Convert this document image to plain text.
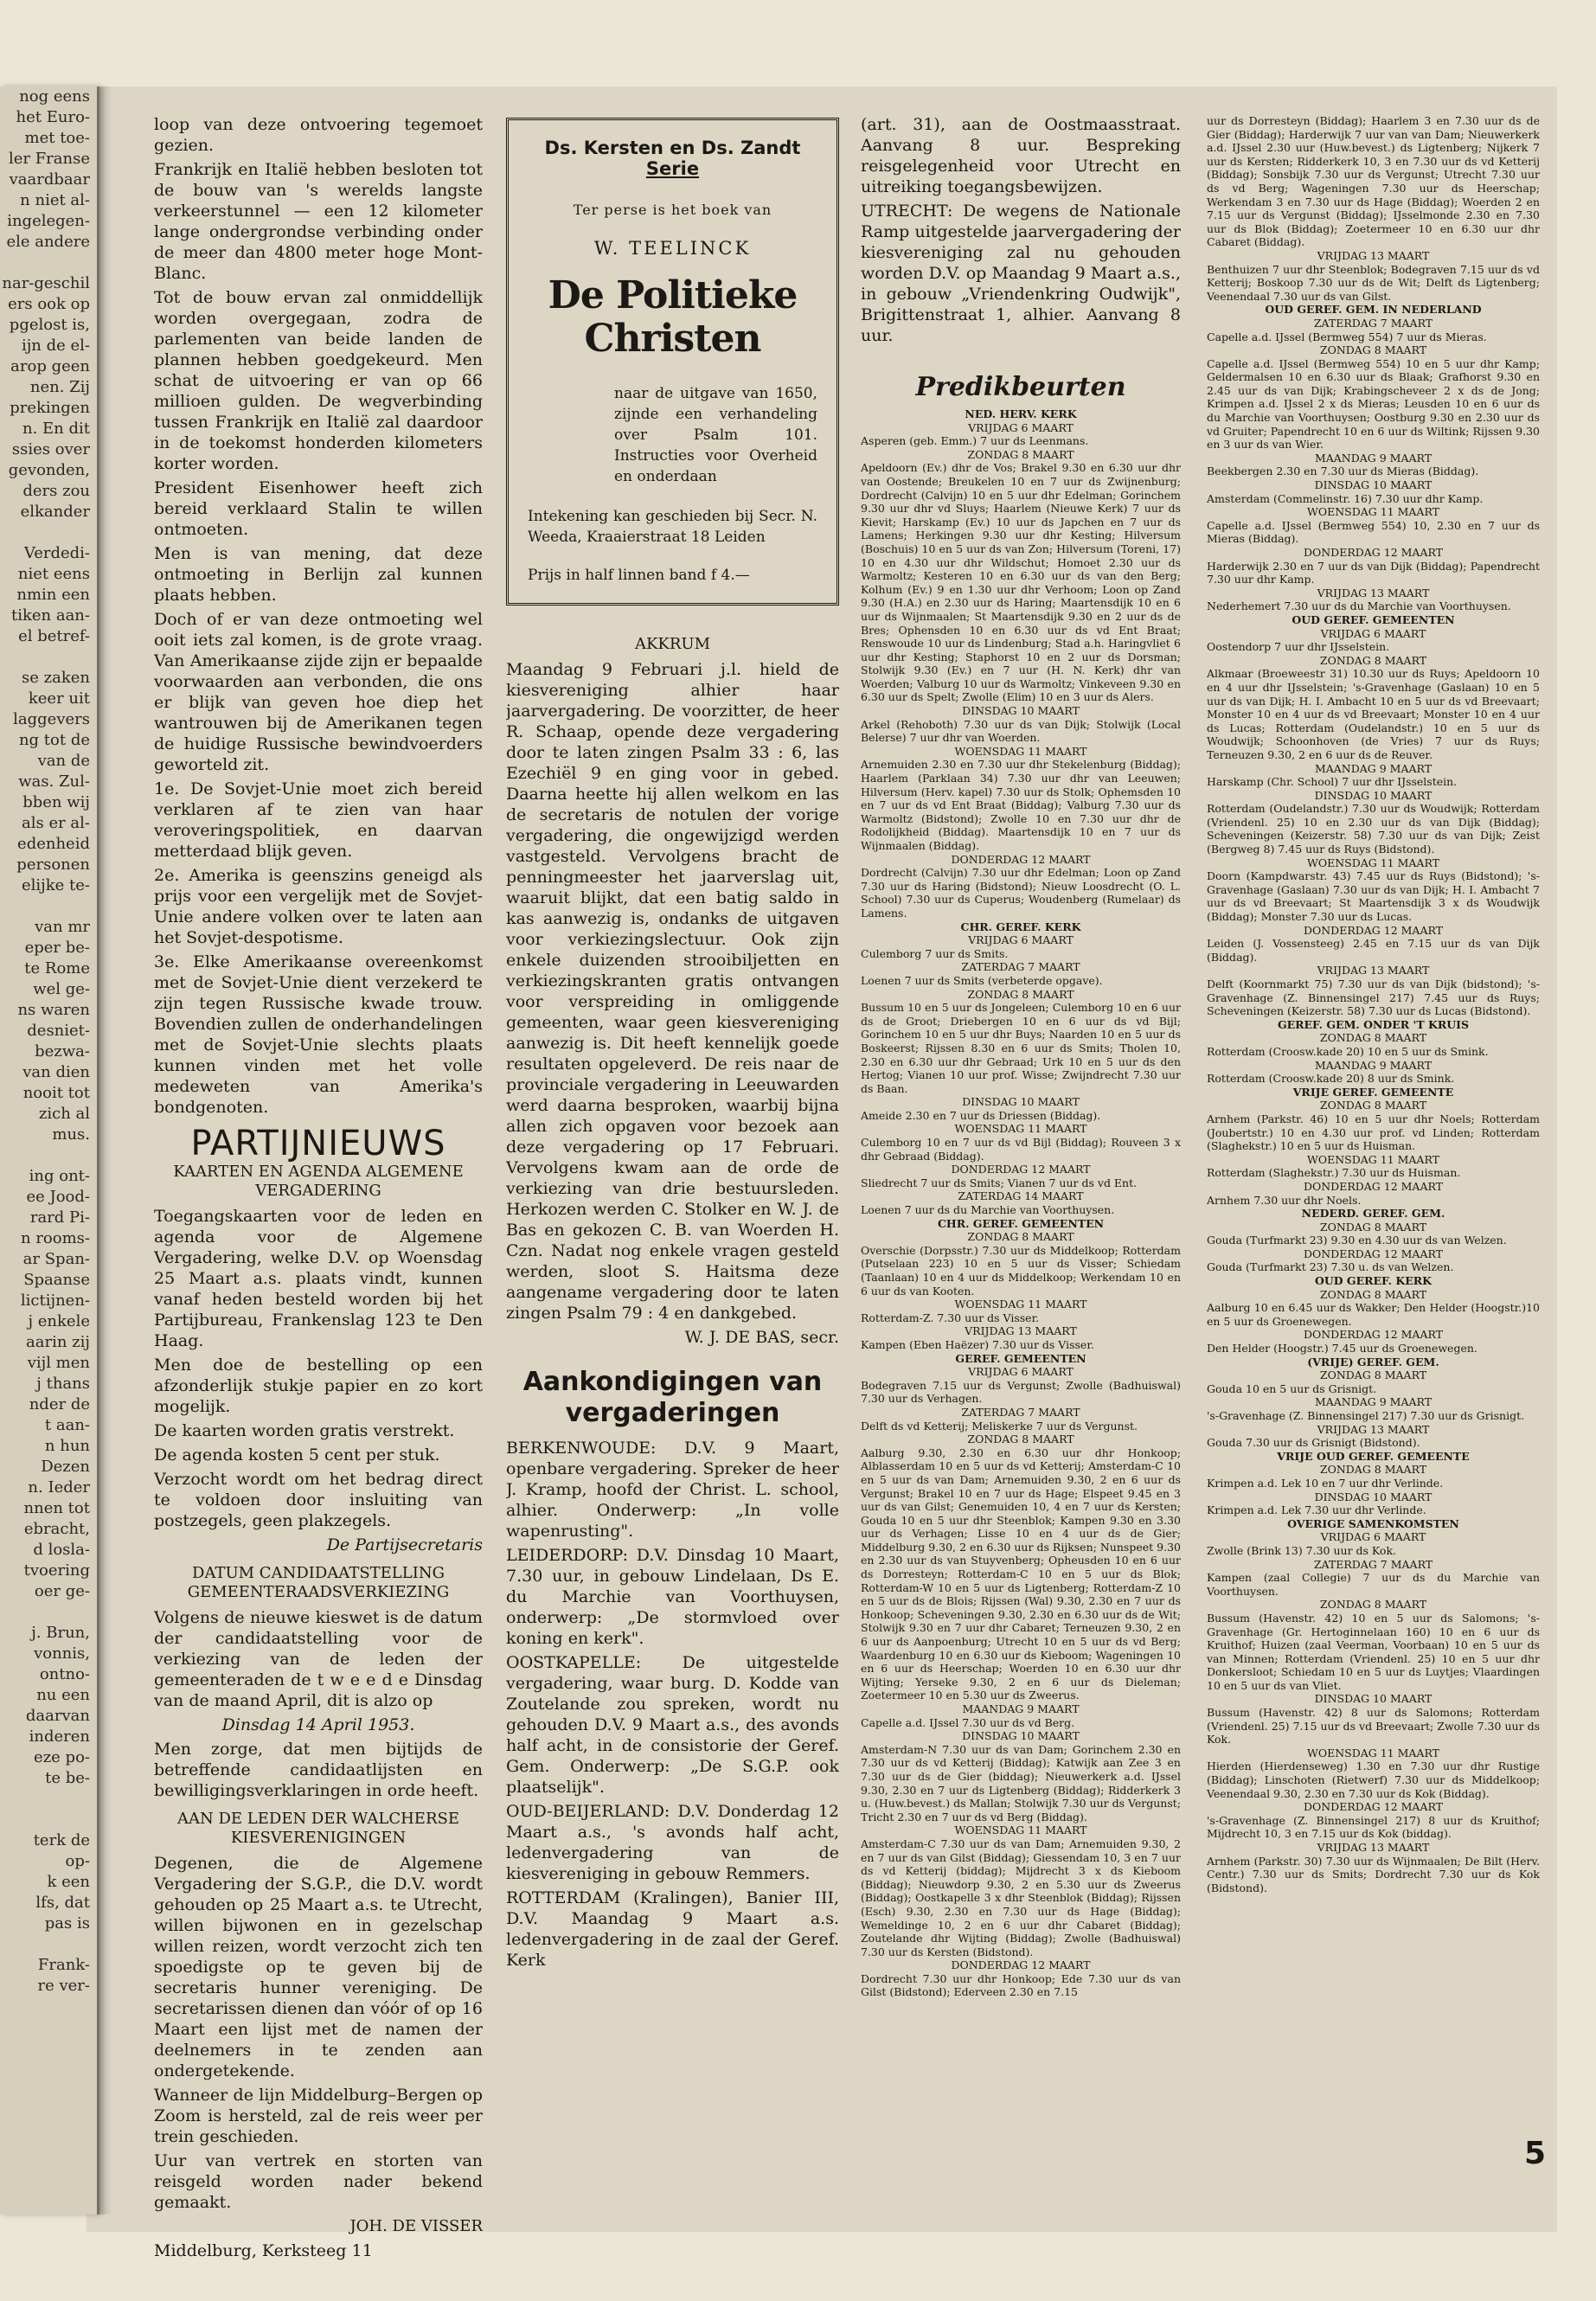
nog eens
het Euro-
met toe-
ler Franse
vaardbaar
n niet al-
ingelegen-
ele andere

nar-geschil
ers ook op
pgelost is,
ijn de el-
arop geen
nen. Zij
prekingen
n. En dit
ssies over
gevonden,
ders zou
elkander

Verdedi-
niet eens
nmin een
tiken aan-
el betref-

se zaken
keer uit
laggevers
ng tot de
van de
was. Zul-
bben wij
als er al-
edenheid
personen
elijke te-

van mr
eper be-
te Rome
wel ge-
ns waren
desniet-
bezwa-
van dien
nooit tot
zich al
mus.

ing ont-
ee Jood-
rard Pi-
n rooms-
ar Span-
Spaanse
lictijnen-
j enkele
aarin zij
vijl men
j thans
nder de
t aan-
n hun
Dezen
n. Ieder
nnen tot
ebracht,
d losla-
tvoering
oer ge-

j. Brun,
vonnis,
ontno-
nu een
daarvan
inderen
eze po-
te be-

terk de
op-
k een
lfs, dat
pas is

Frank-
re ver-

loop van deze ontvoering tegemoet gezien.

Frankrijk en Italië hebben besloten tot de bouw van 's werelds langste verkeerstunnel — een 12 kilometer lange ondergrondse verbinding onder de meer dan 4800 meter hoge Mont- Blanc.

Tot de bouw ervan zal onmiddellijk worden overgegaan, zodra de parlementen van beide landen de plannen hebben goedgekeurd. Men schat de uitvoering er van op 66 millioen gulden. De wegverbinding tussen Frankrijk en Italië zal daardoor in de toekomst honderden kilometers korter worden.

President Eisenhower heeft zich bereid verklaard Stalin te willen ontmoeten.

Men is van mening, dat deze ontmoeting in Berlijn zal kunnen plaats hebben.

Doch of er van deze ontmoeting wel ooit iets zal komen, is de grote vraag. Van Amerikaanse zijde zijn er bepaalde voorwaarden aan verbonden, die ons er blijk van geven hoe diep het wantrouwen bij de Amerikanen tegen de huidige Russische bewindvoerders geworteld zit.

1e. De Sovjet-Unie moet zich bereid verklaren af te zien van haar veroveringspolitiek, en daarvan metterdaad blijk geven.

2e. Amerika is geenszins geneigd als prijs voor een vergelijk met de Sovjet-Unie andere volken over te laten aan het Sovjet-despotisme.

3e. Elke Amerikaanse overeenkomst met de Sovjet-Unie dient verzekerd te zijn tegen Russische kwade trouw. Bovendien zullen de onderhandelingen met de Sovjet-Unie slechts plaats kunnen vinden met het volle medeweten van Amerika's bondgenoten.

PARTIJNIEUWS
KAARTEN EN AGENDA ALGEMENE VERGADERING

Toegangskaarten voor de leden en agenda voor de Algemene Vergadering, welke D.V. op Woensdag 25 Maart a.s. plaats vindt, kunnen vanaf heden besteld worden bij het Partijbureau, Frankenslag 123 te Den Haag.

Men doe de bestelling op een afzonderlijk stukje papier en zo kort mogelijk.

De kaarten worden gratis verstrekt.

De agenda kosten 5 cent per stuk.

Verzocht wordt om het bedrag direct te voldoen door insluiting van postzegels, geen plakzegels.

De Partijsecretaris

DATUM CANDIDAATSTELLING GEMEENTERAADSVERKIEZING

Volgens de nieuwe kieswet is de datum der candidaatstelling voor de verkiezing van de leden der gemeenteraden de t w e e d e Dinsdag van de maand April, dit is alzo op

Dinsdag 14 April 1953.

Men zorge, dat men bijtijds de betreffende candidaatlijsten en bewilligingsverklaringen in orde heeft.

AAN DE LEDEN DER WALCHERSE KIESVERENIGINGEN

Degenen, die de Algemene Vergadering der S.G.P., die D.V. wordt gehouden op 25 Maart a.s. te Utrecht, willen bijwonen en in gezelschap willen reizen, wordt verzocht zich ten spoedigste op te geven bij de secretaris hunner vereniging. De secretarissen dienen dan vóór of op 16 Maart een lijst met de namen der deelnemers in te zenden aan ondergetekende.

Wanneer de lijn Middelburg–Bergen op Zoom is hersteld, zal de reis weer per trein geschieden.

Uur van vertrek en storten van reisgeld worden nader bekend gemaakt.

JOH. DE VISSER

Middelburg, Kerksteeg 11

Ds. Kersten en Ds. Zandt
Serie
Ter perse is het boek van
W. TEELINCK
De Politieke Christen
naar de uitgave van 1650, zijnde een verhandeling over Psalm 101. Instructies voor Overheid en onderdaan
Intekening kan geschieden bij Secr. N. Weeda, Kraaierstraat 18 Leiden
Prijs in half linnen band f 4.—
AKKRUM

Maandag 9 Februari j.l. hield de kiesvereniging alhier haar jaarvergadering. De voorzitter, de heer R. Schaap, opende deze vergadering door te laten zingen Psalm 33 : 6, las Ezechiël 9 en ging voor in gebed. Daarna heette hij allen welkom en las de secretaris de notulen der vorige vergadering, die ongewijzigd werden vastgesteld. Vervolgens bracht de penningmeester het jaarverslag uit, waaruit blijkt, dat een batig saldo in kas aanwezig is, ondanks de uitgaven voor verkiezingslectuur. Ook zijn enkele duizenden strooibiljetten en verkiezingskranten gratis ontvangen voor verspreiding in omliggende gemeenten, waar geen kiesvereniging aanwezig is. Dit heeft kennelijk goede resultaten opgeleverd. De reis naar de provinciale vergadering in Leeuwarden werd daarna besproken, waarbij bijna allen zich opgaven voor bezoek aan deze vergadering op 17 Februari. Vervolgens kwam aan de orde de verkiezing van drie bestuursleden. Herkozen werden C. Stolker en W. J. de Bas en gekozen C. B. van Woerden H. Czn. Nadat nog enkele vragen gesteld werden, sloot S. Haitsma deze aangename vergadering door te laten zingen Psalm 79 : 4 en dankgebed.

W. J. DE BAS, secr.

Aankondigingen van vergaderingen

BERKENWOUDE: D.V. 9 Maart, openbare vergadering. Spreker de heer J. Kramp, hoofd der Christ. L. school, alhier. Onderwerp: „In volle wapenrusting".

LEIDERDORP: D.V. Dinsdag 10 Maart, 7.30 uur, in gebouw Lindelaan, Ds E. du Marchie van Voorthuysen, onderwerp: „De stormvloed over koning en kerk".

OOSTKAPELLE: De uitgestelde vergadering, waar burg. D. Kodde van Zoutelande zou spreken, wordt nu gehouden D.V. 9 Maart a.s., des avonds half acht, in de consistorie der Geref. Gem. Onderwerp: „De S.G.P. ook plaatselijk".

OUD-BEIJERLAND: D.V. Donderdag 12 Maart a.s., 's avonds half acht, ledenvergadering van de kiesvereniging in gebouw Remmers.

ROTTERDAM (Kralingen), Banier III, D.V. Maandag 9 Maart a.s. ledenvergadering in de zaal der Geref. Kerk

(art. 31), aan de Oostmaasstraat. Aanvang 8 uur. Bespreking reisgelegenheid voor Utrecht en uitreiking toegangsbewijzen.

UTRECHT: De wegens de Nationale Ramp uitgestelde jaarvergadering der kiesvereniging zal nu gehouden worden D.V. op Maandag 9 Maart a.s., in gebouw „Vriendenkring Oudwijk", Brigittenstraat 1, alhier. Aanvang 8 uur.

Predikbeurten
NED. HERV. KERK
VRIJDAG 6 MAART
Asperen (geb. Emm.) 7 uur ds Leenmans.
ZONDAG 8 MAART
Apeldoorn (Ev.) dhr de Vos; Brakel 9.30 en 6.30 uur dhr van Oostende; Breukelen 10 en 7 uur ds Zwijnenburg; Dordrecht (Calvijn) 10 en 5 uur dhr Edelman; Gorinchem 9.30 uur dhr vd Sluys; Haarlem (Nieuwe Kerk) 7 uur ds Kievit; Harskamp (Ev.) 10 uur ds Japchen en 7 uur ds Lamens; Herkingen 9.30 uur dhr Kesting; Hilversum (Boschuis) 10 en 5 uur ds van Zon; Hilversum (Toreni, 17) 10 en 4.30 uur dhr Wildschut; Homoet 2.30 uur ds Warmoltz; Kesteren 10 en 6.30 uur ds van den Berg; Kolhum (Ev.) 9 en 1.30 uur dhr Verhoom; Loon op Zand 9.30 (H.A.) en 2.30 uur ds Haring; Maartensdijk 10 en 6 uur ds Wijnmaalen; St Maartensdijk 9.30 en 2 uur ds de Bres; Ophensden 10 en 6.30 uur ds vd Ent Braat; Renswoude 10 uur ds Lindenburg; Stad a.h. Haringvliet 6 uur dhr Kesting; Staphorst 10 en 2 uur ds Dorsman; Stolwijk 9.30 (Ev.) en 7 uur (H. N. Kerk) dhr van Woerden; Valburg 10 uur ds Warmoltz; Vinkeveen 9.30 en 6.30 uur ds Spelt; Zwolle (Elim) 10 en 3 uur ds Alers.
DINSDAG 10 MAART
Arkel (Rehoboth) 7.30 uur ds van Dijk; Stolwijk (Local Belerse) 7 uur dhr van Woerden.
WOENSDAG 11 MAART
Arnemuiden 2.30 en 7.30 uur dhr Stekelenburg (Biddag); Haarlem (Parklaan 34) 7.30 uur dhr van Leeuwen; Hilversum (Herv. kapel) 7.30 uur ds Stolk; Ophemsden 10 en 7 uur ds vd Ent Braat (Biddag); Valburg 7.30 uur ds Warmoltz (Bidstond); Zwolle 10 en 7.30 uur dhr de Rodolijkheid (Biddag). Maartensdijk 10 en 7 uur ds Wijnmaalen (Biddag).
DONDERDAG 12 MAART
Dordrecht (Calvijn) 7.30 uur dhr Edelman; Loon op Zand 7.30 uur ds Haring (Bidstond); Nieuw Loosdrecht (O. L. School) 7.30 uur ds Cuperus; Woudenberg (Rumelaar) ds Lamens.
CHR. GEREF. KERK
VRIJDAG 6 MAART
Culemborg 7 uur ds Smits.
ZATERDAG 7 MAART
Loenen 7 uur ds Smits (verbeterde opgave).
ZONDAG 8 MAART
Bussum 10 en 5 uur ds Jongeleen; Culemborg 10 en 6 uur ds de Groot; Driebergen 10 en 6 uur ds vd Bijl; Gorinchem 10 en 5 uur dhr Buys; Naarden 10 en 5 uur ds Boskeerst; Rijssen 8.30 en 6 uur ds Smits; Tholen 10, 2.30 en 6.30 uur dhr Gebraad; Urk 10 en 5 uur ds den Hertog; Vianen 10 uur prof. Wisse; Zwijndrecht 7.30 uur ds Baan.
DINSDAG 10 MAART
Ameide 2.30 en 7 uur ds Driessen (Biddag).
WOENSDAG 11 MAART
Culemborg 10 en 7 uur ds vd Bijl (Biddag); Rouveen 3 x dhr Gebraad (Biddag).
DONDERDAG 12 MAART
Sliedrecht 7 uur ds Smits; Vianen 7 uur ds vd Ent.
ZATERDAG 14 MAART
Loenen 7 uur ds du Marchie van Voorthuysen.
CHR. GEREF. GEMEENTEN
ZONDAG 8 MAART
Overschie (Dorpsstr.) 7.30 uur ds Middelkoop; Rotterdam (Putselaan 223) 10 en 5 uur ds Visser; Schiedam (Taanlaan) 10 en 4 uur ds Middelkoop; Werkendam 10 en 6 uur ds van Kooten.
WOENSDAG 11 MAART
Rotterdam-Z. 7.30 uur ds Visser.
VRIJDAG 13 MAART
Kampen (Eben Haëzer) 7.30 uur ds Visser.
GEREF. GEMEENTEN
VRIJDAG 6 MAART
Bodegraven 7.15 uur ds Vergunst; Zwolle (Badhuiswal) 7.30 uur ds Verhagen.
ZATERDAG 7 MAART
Delft ds vd Ketterij; Meliskerke 7 uur ds Vergunst.
ZONDAG 8 MAART
Aalburg 9.30, 2.30 en 6.30 uur dhr Honkoop; Alblasserdam 10 en 5 uur ds vd Ketterij; Amsterdam-C 10 en 5 uur ds van Dam; Arnemuiden 9.30, 2 en 6 uur ds Vergunst; Brakel 10 en 7 uur ds Hage; Elspeet 9.45 en 3 uur ds van Gilst; Genemuiden 10, 4 en 7 uur ds Kersten; Gouda 10 en 5 uur dhr Steenblok; Kampen 9.30 en 3.30 uur ds Verhagen; Lisse 10 en 4 uur ds de Gier; Middelburg 9.30, 2 en 6.30 uur ds Rijksen; Nunspeet 9.30 en 2.30 uur ds van Stuyvenberg; Opheusden 10 en 6 uur ds Dorresteyn; Rotterdam-C 10 en 5 uur ds Blok; Rotterdam-W 10 en 5 uur ds Ligtenberg; Rotterdam-Z 10 en 5 uur ds de Blois; Rijssen (Wal) 9.30, 2.30 en 7 uur ds Honkoop; Scheveningen 9.30, 2.30 en 6.30 uur ds de Wit; Stolwijk 9.30 en 7 uur dhr Cabaret; Terneuzen 9.30, 2 en 6 uur ds Aanpoenburg; Utrecht 10 en 5 uur ds vd Berg; Waardenburg 10 en 6.30 uur ds Kieboom; Wageningen 10 en 6 uur ds Heerschap; Woerden 10 en 6.30 uur dhr Wijting; Yerseke 9.30, 2 en 6 uur ds Dieleman; Zoetermeer 10 en 5.30 uur ds Zweerus.
MAANDAG 9 MAART
Capelle a.d. IJssel 7.30 uur ds vd Berg.
DINSDAG 10 MAART
Amsterdam-N 7.30 uur ds van Dam; Gorinchem 2.30 en 7.30 uur ds vd Ketterij (Biddag); Katwijk aan Zee 3 en 7.30 uur ds de Gier (biddag); Nieuwerkerk a.d. IJssel 9.30, 2.30 en 7 uur ds Ligtenberg (Biddag); Ridderkerk 3 u. (Huw.bevest.) ds Mallan; Stolwijk 7.30 uur ds Vergunst; Tricht 2.30 en 7 uur ds vd Berg (Biddag).
WOENSDAG 11 MAART
Amsterdam-C 7.30 uur ds van Dam; Arnemuiden 9.30, 2 en 7 uur ds van Gilst (Biddag); Giessendam 10, 3 en 7 uur ds vd Ketterij (biddag); Mijdrecht 3 x ds Kieboom (Biddag); Nieuwdorp 9.30, 2 en 5.30 uur ds Zweerus (Biddag); Oostkapelle 3 x dhr Steenblok (Biddag); Rijssen (Esch) 9.30, 2.30 en 7.30 uur ds Hage (Biddag); Wemeldinge 10, 2 en 6 uur dhr Cabaret (Biddag); Zoutelande dhr Wijting (Biddag); Zwolle (Badhuiswal) 7.30 uur ds Kersten (Bidstond).
DONDERDAG 12 MAART
Dordrecht 7.30 uur dhr Honkoop; Ede 7.30 uur ds van Gilst (Bidstond); Ederveen 2.30 en 7.15
uur ds Dorresteyn (Biddag); Haarlem 3 en 7.30 uur ds de Gier (Biddag); Harderwijk 7 uur van van Dam; Nieuwerkerk a.d. IJssel 2.30 uur (Huw.bevest.) ds Ligtenberg; Nijkerk 7 uur ds Kersten; Ridderkerk 10, 3 en 7.30 uur ds vd Ketterij (Biddag); Sonsbijk 7.30 uur ds Vergunst; Utrecht 7.30 uur ds vd Berg; Wageningen 7.30 uur ds Heerschap; Werkendam 3 en 7.30 uur ds Hage (Biddag); Woerden 2 en 7.15 uur ds Vergunst (Biddag); IJsselmonde 2.30 en 7.30 uur ds Blok (Biddag); Zoetermeer 10 en 6.30 uur dhr Cabaret (Biddag).
VRIJDAG 13 MAART
Benthuizen 7 uur dhr Steenblok; Bodegraven 7.15 uur ds vd Ketterij; Boskoop 7.30 uur ds de Wit; Delft ds Ligtenberg; Veenendaal 7.30 uur ds van Gilst.
OUD GEREF. GEM. IN NEDERLAND
ZATERDAG 7 MAART
Capelle a.d. IJssel (Bermweg 554) 7 uur ds Mieras.
ZONDAG 8 MAART
Capelle a.d. IJssel (Bermweg 554) 10 en 5 uur dhr Kamp; Geldermalsen 10 en 6.30 uur ds Blaak; Grafhorst 9.30 en 2.45 uur ds van Dijk; Krabingscheveer 2 x ds de Jong; Krimpen a.d. IJssel 2 x ds Mieras; Leusden 10 en 6 uur ds du Marchie van Voorthuysen; Oostburg 9.30 en 2.30 uur ds vd Gruiter; Papendrecht 10 en 6 uur ds Wiltink; Rijssen 9.30 en 3 uur ds van Wier.
MAANDAG 9 MAART
Beekbergen 2.30 en 7.30 uur ds Mieras (Biddag).
DINSDAG 10 MAART
Amsterdam (Commelinstr. 16) 7.30 uur dhr Kamp.
WOENSDAG 11 MAART
Capelle a.d. IJssel (Bermweg 554) 10, 2.30 en 7 uur ds Mieras (Biddag).
DONDERDAG 12 MAART
Harderwijk 2.30 en 7 uur ds van Dijk (Biddag); Papendrecht 7.30 uur dhr Kamp.
VRIJDAG 13 MAART
Nederhemert 7.30 uur ds du Marchie van Voorthuysen.
OUD GEREF. GEMEENTEN
VRIJDAG 6 MAART
Oostendorp 7 uur dhr IJsselstein.
ZONDAG 8 MAART
Alkmaar (Broeweestr 31) 10.30 uur ds Ruys; Apeldoorn 10 en 4 uur dhr IJsselstein; 's-Gravenhage (Gaslaan) 10 en 5 uur ds van Dijk; H. I. Ambacht 10 en 5 uur ds vd Breevaart; Monster 10 en 4 uur ds vd Breevaart; Monster 10 en 4 uur ds Lucas; Rotterdam (Oudelandstr.) 10 en 5 uur ds Woudwijk; Schoonhoven (de Vries) 7 uur ds Ruys; Terneuzen 9.30, 2 en 6 uur ds de Reuver.
MAANDAG 9 MAART
Harskamp (Chr. School) 7 uur dhr IJsselstein.
DINSDAG 10 MAART
Rotterdam (Oudelandstr.) 7.30 uur ds Woudwijk; Rotterdam (Vriendenl. 25) 10 en 2.30 uur ds van Dijk (Biddag); Scheveningen (Keizerstr. 58) 7.30 uur ds van Dijk; Zeist (Bergweg 8) 7.45 uur ds Ruys (Bidstond).
WOENSDAG 11 MAART
Doorn (Kampdwarstr. 43) 7.45 uur ds Ruys (Bidstond); 's-Gravenhage (Gaslaan) 7.30 uur ds van Dijk; H. I. Ambacht 7 uur ds vd Breevaart; St Maartensdijk 3 x ds Woudwijk (Biddag); Monster 7.30 uur ds Lucas.
DONDERDAG 12 MAART
Leiden (J. Vossensteeg) 2.45 en 7.15 uur ds van Dijk (Biddag).
VRIJDAG 13 MAART
Delft (Koornmarkt 75) 7.30 uur ds van Dijk (bidstond); 's-Gravenhage (Z. Binnensingel 217) 7.45 uur ds Ruys; Scheveningen (Keizerstr. 58) 7.30 uur ds Lucas (Bidstond).
GEREF. GEM. ONDER 'T KRUIS
ZONDAG 8 MAART
Rotterdam (Croosw.kade 20) 10 en 5 uur ds Smink.
MAANDAG 9 MAART
Rotterdam (Croosw.kade 20) 8 uur ds Smink.
VRIJE GEREF. GEMEENTE
ZONDAG 8 MAART
Arnhem (Parkstr. 46) 10 en 5 uur dhr Noels; Rotterdam (Joubertstr.) 10 en 4.30 uur prof. vd Linden; Rotterdam (Slaghekstr.) 10 en 5 uur ds Huisman.
WOENSDAG 11 MAART
Rotterdam (Slaghekstr.) 7.30 uur ds Huisman.
DONDERDAG 12 MAART
Arnhem 7.30 uur dhr Noels.
NEDERD. GEREF. GEM.
ZONDAG 8 MAART
Gouda (Turfmarkt 23) 9.30 en 4.30 uur ds van Welzen.
DONDERDAG 12 MAART
Gouda (Turfmarkt 23) 7.30 u. ds van Welzen.
OUD GEREF. KERK
ZONDAG 8 MAART
Aalburg 10 en 6.45 uur ds Wakker; Den Helder (Hoogstr.)10 en 5 uur ds Groenewegen.
DONDERDAG 12 MAART
Den Helder (Hoogstr.) 7.45 uur ds Groenewegen.
(VRIJE) GEREF. GEM.
ZONDAG 8 MAART
Gouda 10 en 5 uur ds Grisnigt.
MAANDAG 9 MAART
's-Gravenhage (Z. Binnensingel 217) 7.30 uur ds Grisnigt.
VRIJDAG 13 MAART
Gouda 7.30 uur ds Grisnigt (Bidstond).
VRIJE OUD GEREF. GEMEENTE
ZONDAG 8 MAART
Krimpen a.d. Lek 10 en 7 uur dhr Verlinde.
DINSDAG 10 MAART
Krimpen a.d. Lek 7.30 uur dhr Verlinde.
OVERIGE SAMENKOMSTEN
VRIJDAG 6 MAART
Zwolle (Brink 13) 7.30 uur ds Kok.
ZATERDAG 7 MAART
Kampen (zaal Collegie) 7 uur ds du Marchie van Voorthuysen.
ZONDAG 8 MAART
Bussum (Havenstr. 42) 10 en 5 uur ds Salomons; 's-Gravenhage (Gr. Hertoginnelaan 160) 10 en 6 uur ds Kruithof; Huizen (zaal Veerman, Voorbaan) 10 en 5 uur ds van Minnen; Rotterdam (Vriendenl. 25) 10 en 5 uur dhr Donkersloot; Schiedam 10 en 5 uur ds Luytjes; Vlaardingen 10 en 5 uur ds van Vliet.
DINSDAG 10 MAART
Bussum (Havenstr. 42) 8 uur ds Salomons; Rotterdam (Vriendenl. 25) 7.15 uur ds vd Breevaart; Zwolle 7.30 uur ds Kok.
WOENSDAG 11 MAART
Hierden (Hierdenseweg) 1.30 en 7.30 uur dhr Rustige (Biddag); Linschoten (Rietwerf) 7.30 uur ds Middelkoop; Veenendaal 9.30, 2.30 en 7.30 uur ds Kok (Biddag).
DONDERDAG 12 MAART
's-Gravenhage (Z. Binnensingel 217) 8 uur ds Kruithof; Mijdrecht 10, 3 en 7.15 uur ds Kok (biddag).
VRIJDAG 13 MAART
Arnhem (Parkstr. 30) 7.30 uur ds Wijnmaalen; De Bilt (Herv. Centr.) 7.30 uur ds Smits; Dordrecht 7.30 uur ds Kok (Bidstond).
5
